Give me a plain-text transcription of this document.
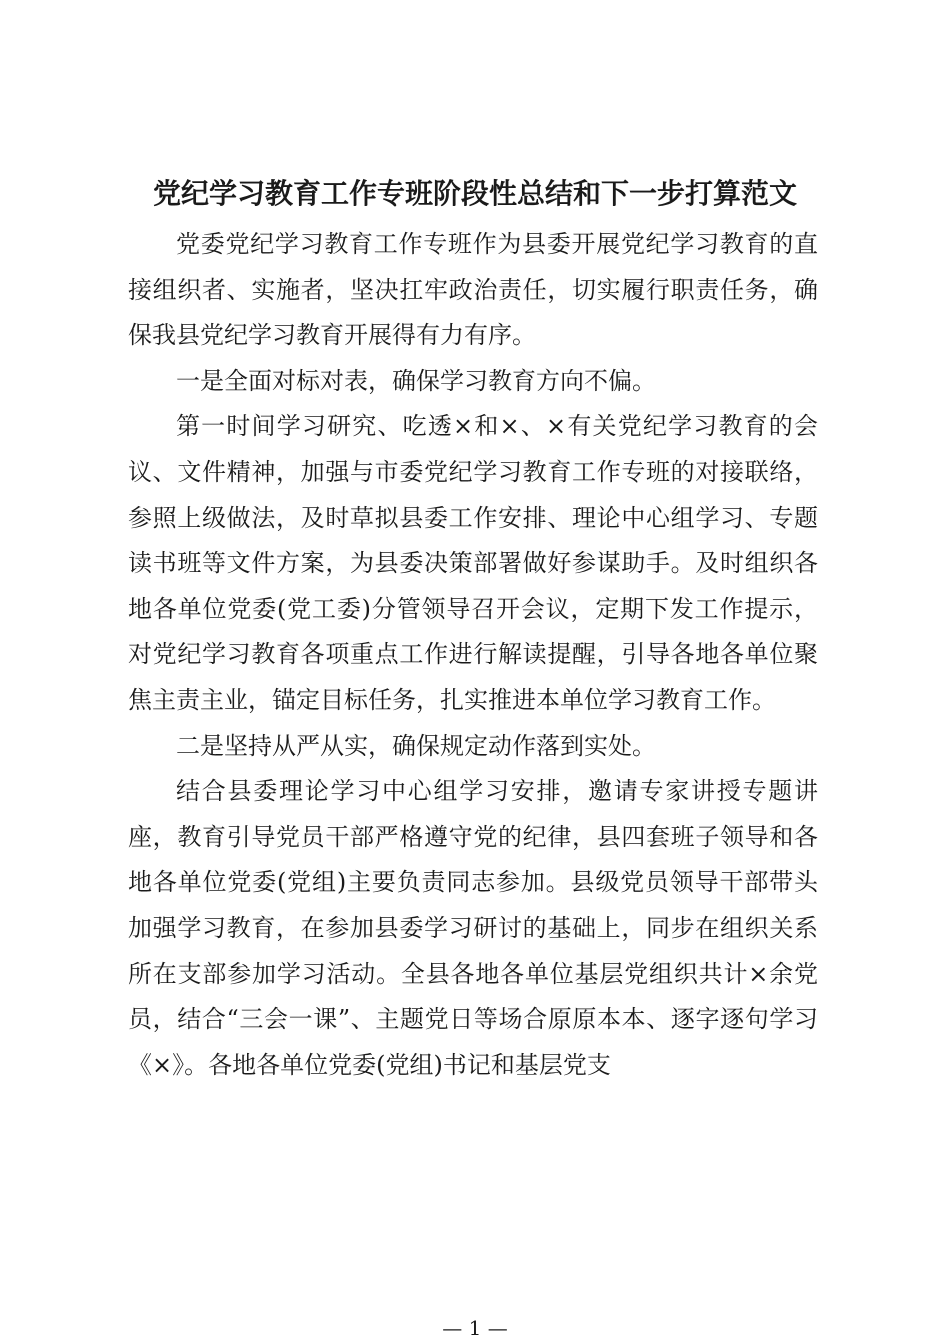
党纪学习教育工作专班阶段性总结和下一步打算范文

党委党纪学习教育工作专班作为县委开展党纪学习教育的直接组织者、实施者，坚决扛牢政治责任，切实履行职责任务，确保我县党纪学习教育开展得有力有序。

一是全面对标对表，确保学习教育方向不偏。

第一时间学习研究、吃透×和×、×有关党纪学习教育的会议、文件精神，加强与市委党纪学习教育工作专班的对接联络，参照上级做法，及时草拟县委工作安排、理论中心组学习、专题读书班等文件方案，为县委决策部署做好参谋助手。及时组织各地各单位党委(党工委)分管领导召开会议，定期下发工作提示，对党纪学习教育各项重点工作进行解读提醒，引导各地各单位聚焦主责主业，锚定目标任务，扎实推进本单位学习教育工作。

二是坚持从严从实，确保规定动作落到实处。

结合县委理论学习中心组学习安排，邀请专家讲授专题讲座，教育引导党员干部严格遵守党的纪律，县四套班子领导和各地各单位党委(党组)主要负责同志参加。县级党员领导干部带头加强学习教育，在参加县委学习研讨的基础上，同步在组织关系所在支部参加学习活动。全县各地各单位基层党组织共计×余党员，结合“三会一课”、主题党日等场合原原本本、逐字逐句学习《×》。各地各单位党委(党组)书记和基层党支

— 1 —
